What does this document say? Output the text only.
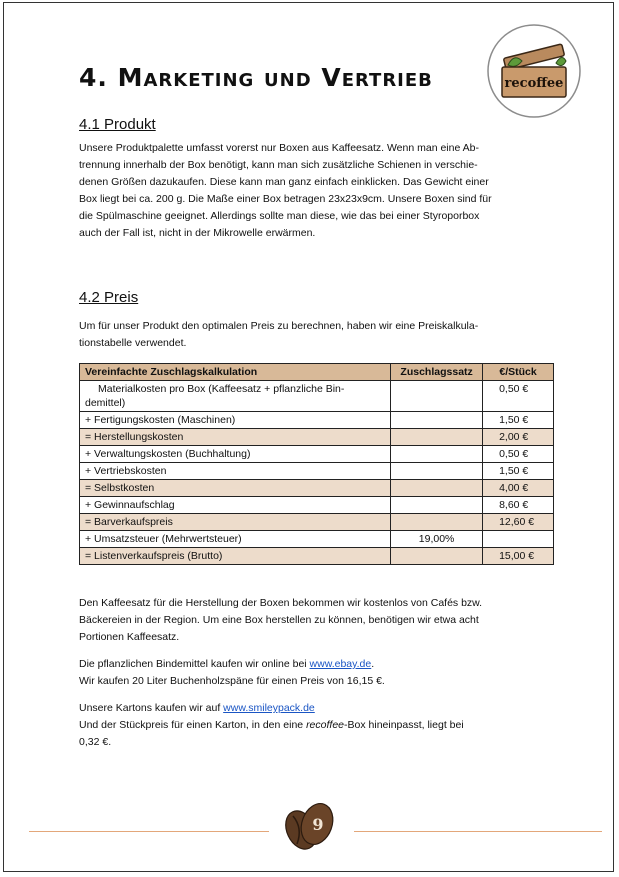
4. Marketing und Vertrieb	recoffee
4.1 Produkt

Unsere Produktpalette umfasst vorerst nur Boxen aus Kaffeesatz. Wenn man eine Ab-

trennung innerhalb der Box benötigt, kann man sich zusätzliche Schienen in verschie-

denen Größen dazukaufen. Diese kann man ganz einfach einklicken. Das Gewicht einer

Box liegt bei ca. 200 g. Die Maße einer Box betragen 23x23x9cm. Unsere Boxen sind für

die Spülmaschine geeignet. Allerdings sollte man diese, wie das bei einer Styroporbox

auch der Fall ist, nicht in der Mikrowelle erwärmen.

4.2 Preis

Um für unser Produkt den optimalen Preis zu berechnen, haben wir eine Preiskalkula-

tionstabelle verwendet.

Vereinfachte Zuschlagskalkulation	Zuschlagssatz	€/Stück
Materialkosten pro Box (Kaffeesatz + pflanzliche Bin-
demittel)		0,50 €
+ Fertigungskosten (Maschinen)		1,50 €
= Herstellungskosten		2,00 €
+ Verwaltungskosten (Buchhaltung)		0,50 €
+ Vertriebskosten		1,50 €
= Selbstkosten		4,00 €
+ Gewinnaufschlag		8,60 €
= Barverkaufspreis		12,60 €
+ Umsatzsteuer (Mehrwertsteuer)	19,00%	
= Listenverkaufspreis (Brutto)		15,00 €

Den Kaffeesatz für die Herstellung der Boxen bekommen wir kostenlos von Cafés bzw.

Bäckereien in der Region. Um eine Box herstellen zu können, benötigen wir etwa acht

Portionen Kaffeesatz.

Die pflanzlichen Bindemittel kaufen wir online bei www.ebay.de.

Wir kaufen 20 Liter Buchenholzspäne für einen Preis von 16,15 €.

Unsere Kartons kaufen wir auf www.smileypack.de

Und der Stückpreis für einen Karton, in den eine recoffee-Box hineinpasst, liegt bei

0,32 €.

9
